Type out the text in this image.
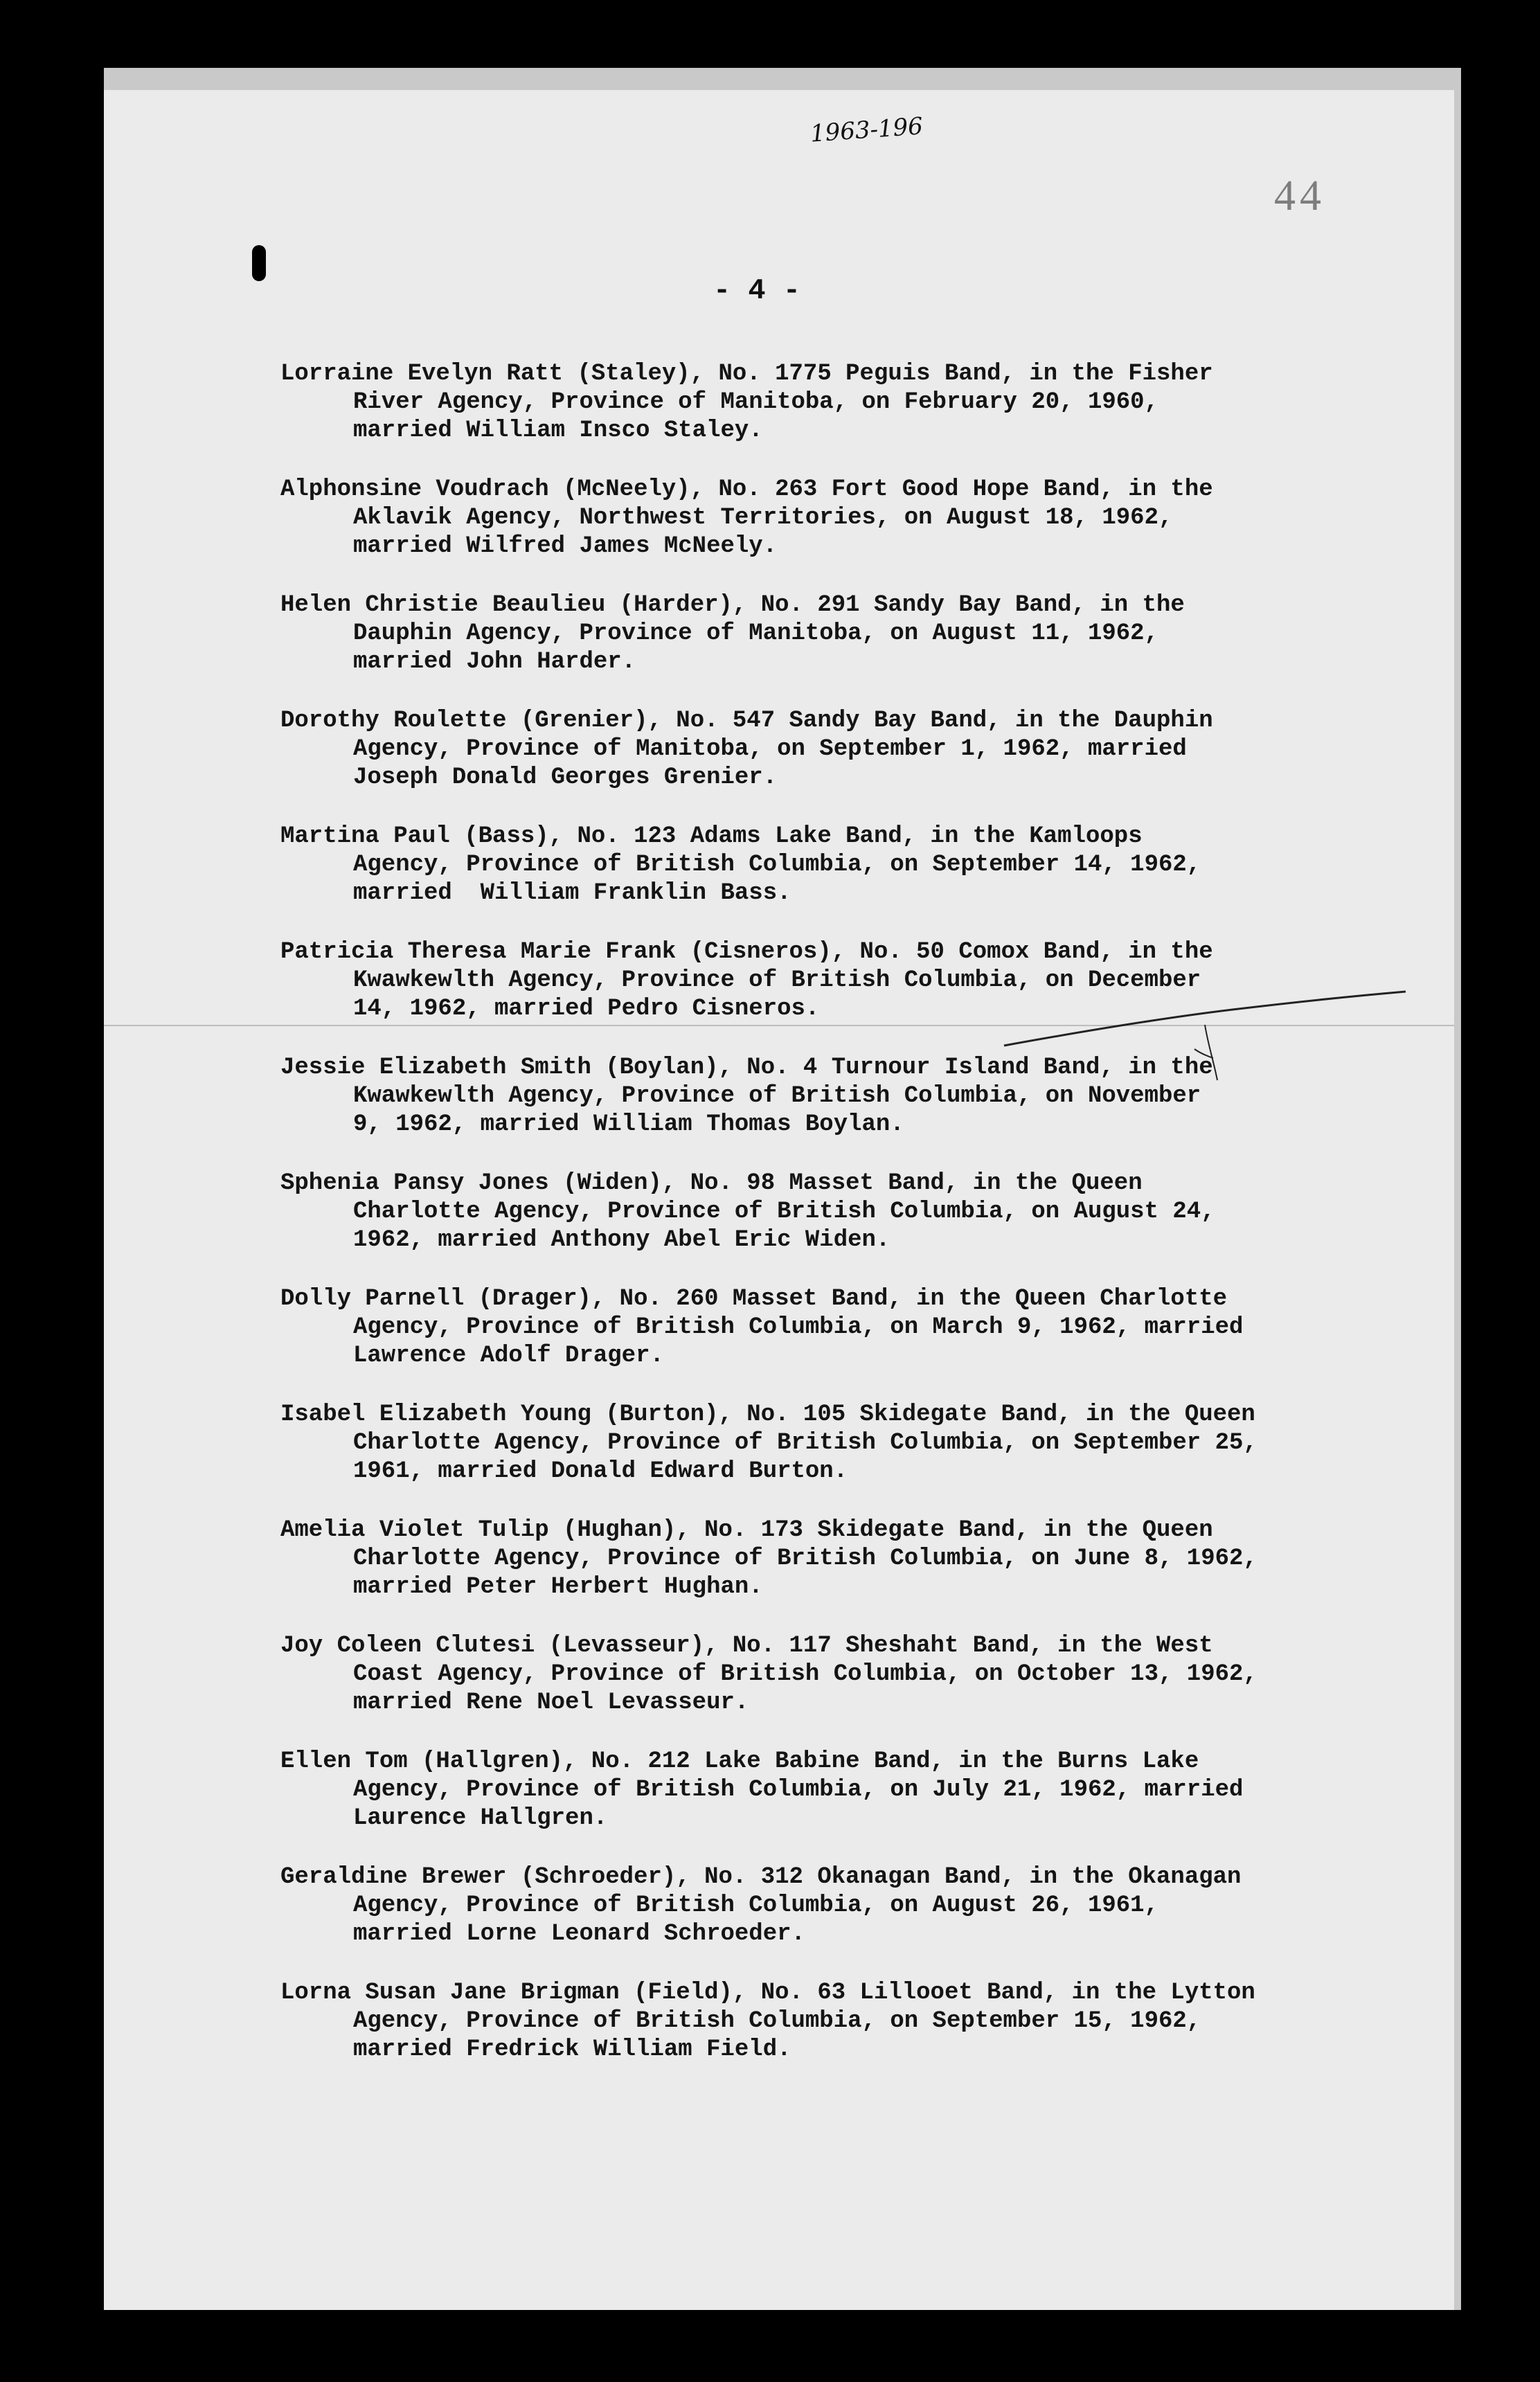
1963-196
44
- 4 -
Lorraine Evelyn Ratt (Staley), No. 1775 Peguis Band, in the Fisher
River Agency, Province of Manitoba, on February 20, 1960,
married William Insco Staley.
Alphonsine Voudrach (McNeely), No. 263 Fort Good Hope Band, in the
Aklavik Agency, Northwest Territories, on August 18, 1962,
married Wilfred James McNeely.
Helen Christie Beaulieu (Harder), No. 291 Sandy Bay Band, in the
Dauphin Agency, Province of Manitoba, on August 11, 1962,
married John Harder.
Dorothy Roulette (Grenier), No. 547 Sandy Bay Band, in the Dauphin
Agency, Province of Manitoba, on September 1, 1962, married
Joseph Donald Georges Grenier.
Martina Paul (Bass), No. 123 Adams Lake Band, in the Kamloops
Agency, Province of British Columbia, on September 14, 1962,
married  William Franklin Bass.
Patricia Theresa Marie Frank (Cisneros), No. 50 Comox Band, in the
Kwawkewlth Agency, Province of British Columbia, on December
14, 1962, married Pedro Cisneros.
Jessie Elizabeth Smith (Boylan), No. 4 Turnour Island Band, in the
Kwawkewlth Agency, Province of British Columbia, on November
9, 1962, married William Thomas Boylan.
Sphenia Pansy Jones (Widen), No. 98 Masset Band, in the Queen
Charlotte Agency, Province of British Columbia, on August 24,
1962, married Anthony Abel Eric Widen.
Dolly Parnell (Drager), No. 260 Masset Band, in the Queen Charlotte
Agency, Province of British Columbia, on March 9, 1962, married
Lawrence Adolf Drager.
Isabel Elizabeth Young (Burton), No. 105 Skidegate Band, in the Queen
Charlotte Agency, Province of British Columbia, on September 25,
1961, married Donald Edward Burton.
Amelia Violet Tulip (Hughan), No. 173 Skidegate Band, in the Queen
Charlotte Agency, Province of British Columbia, on June 8, 1962,
married Peter Herbert Hughan.
Joy Coleen Clutesi (Levasseur), No. 117 Sheshaht Band, in the West
Coast Agency, Province of British Columbia, on October 13, 1962,
married Rene Noel Levasseur.
Ellen Tom (Hallgren), No. 212 Lake Babine Band, in the Burns Lake
Agency, Province of British Columbia, on July 21, 1962, married
Laurence Hallgren.
Geraldine Brewer (Schroeder), No. 312 Okanagan Band, in the Okanagan
Agency, Province of British Columbia, on August 26, 1961,
married Lorne Leonard Schroeder.
Lorna Susan Jane Brigman (Field), No. 63 Lillooet Band, in the Lytton
Agency, Province of British Columbia, on September 15, 1962,
married Fredrick William Field.
